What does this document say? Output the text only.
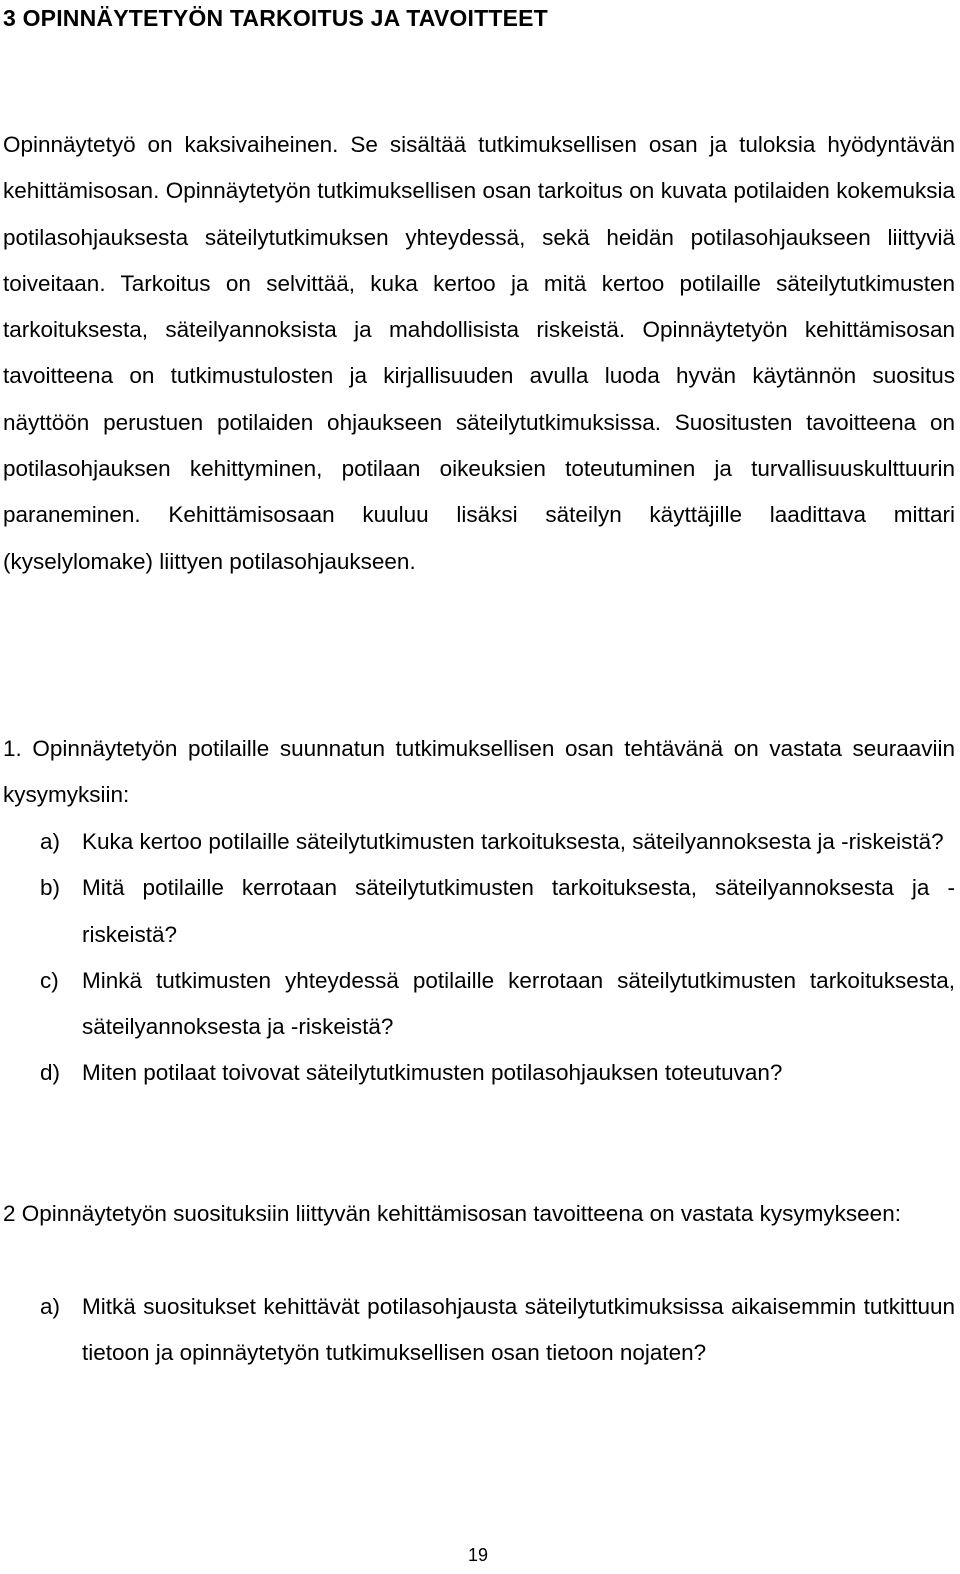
3 OPINNÄYTETYÖN TARKOITUS JA TAVOITTEET

Opinnäytetyö on kaksivaiheinen. Se sisältää tutkimuksellisen osan ja tuloksia hyödyntävän kehittämisosan. Opinnäytetyön tutkimuksellisen osan tarkoitus on kuvata potilaiden kokemuksia potilasohjauksesta säteilytutkimuksen yhteydessä, sekä heidän potilasohjaukseen liittyviä toiveitaan. Tarkoitus on selvittää, kuka kertoo ja mitä kertoo potilaille säteilytutkimusten tarkoituksesta, säteilyannoksista ja mahdollisista riskeistä. Opinnäytetyön kehittämisosan tavoitteena on tutkimustulosten ja kirjallisuuden avulla luoda hyvän käytännön suositus näyttöön perustuen potilaiden ohjaukseen säteilytutkimuksissa. Suositusten tavoitteena on potilasohjauksen kehittyminen, potilaan oikeuksien toteutuminen ja turvallisuuskulttuurin paraneminen. Kehittämisosaan kuuluu lisäksi säteilyn käyttäjille laadittava mittari (kyselylomake) liittyen potilasohjaukseen.

1. Opinnäytetyön potilaille suunnatun tutkimuksellisen osan tehtävänä on vastata seuraaviin kysymyksiin:

a) Kuka kertoo potilaille säteilytutkimusten tarkoituksesta, säteilyannoksesta ja -riskeistä?
b) Mitä potilaille kerrotaan säteilytutkimusten tarkoituksesta, säteilyannoksesta ja -riskeistä?
c)	Minkä tutkimusten yhteydessä potilaille kerrotaan säteilytutkimusten tarkoituksesta, säteilyannoksesta ja -riskeistä?
d) Miten potilaat toivovat säteilytutkimusten potilasohjauksen toteutuvan?

2 Opinnäytetyön suosituksiin liittyvän kehittämisosan tavoitteena on vastata kysymykseen:

a) Mitkä suositukset kehittävät potilasohjausta säteilytutkimuksissa aikaisemmin tutkittuun tietoon ja opinnäytetyön tutkimuksellisen osan tietoon nojaten?
19
